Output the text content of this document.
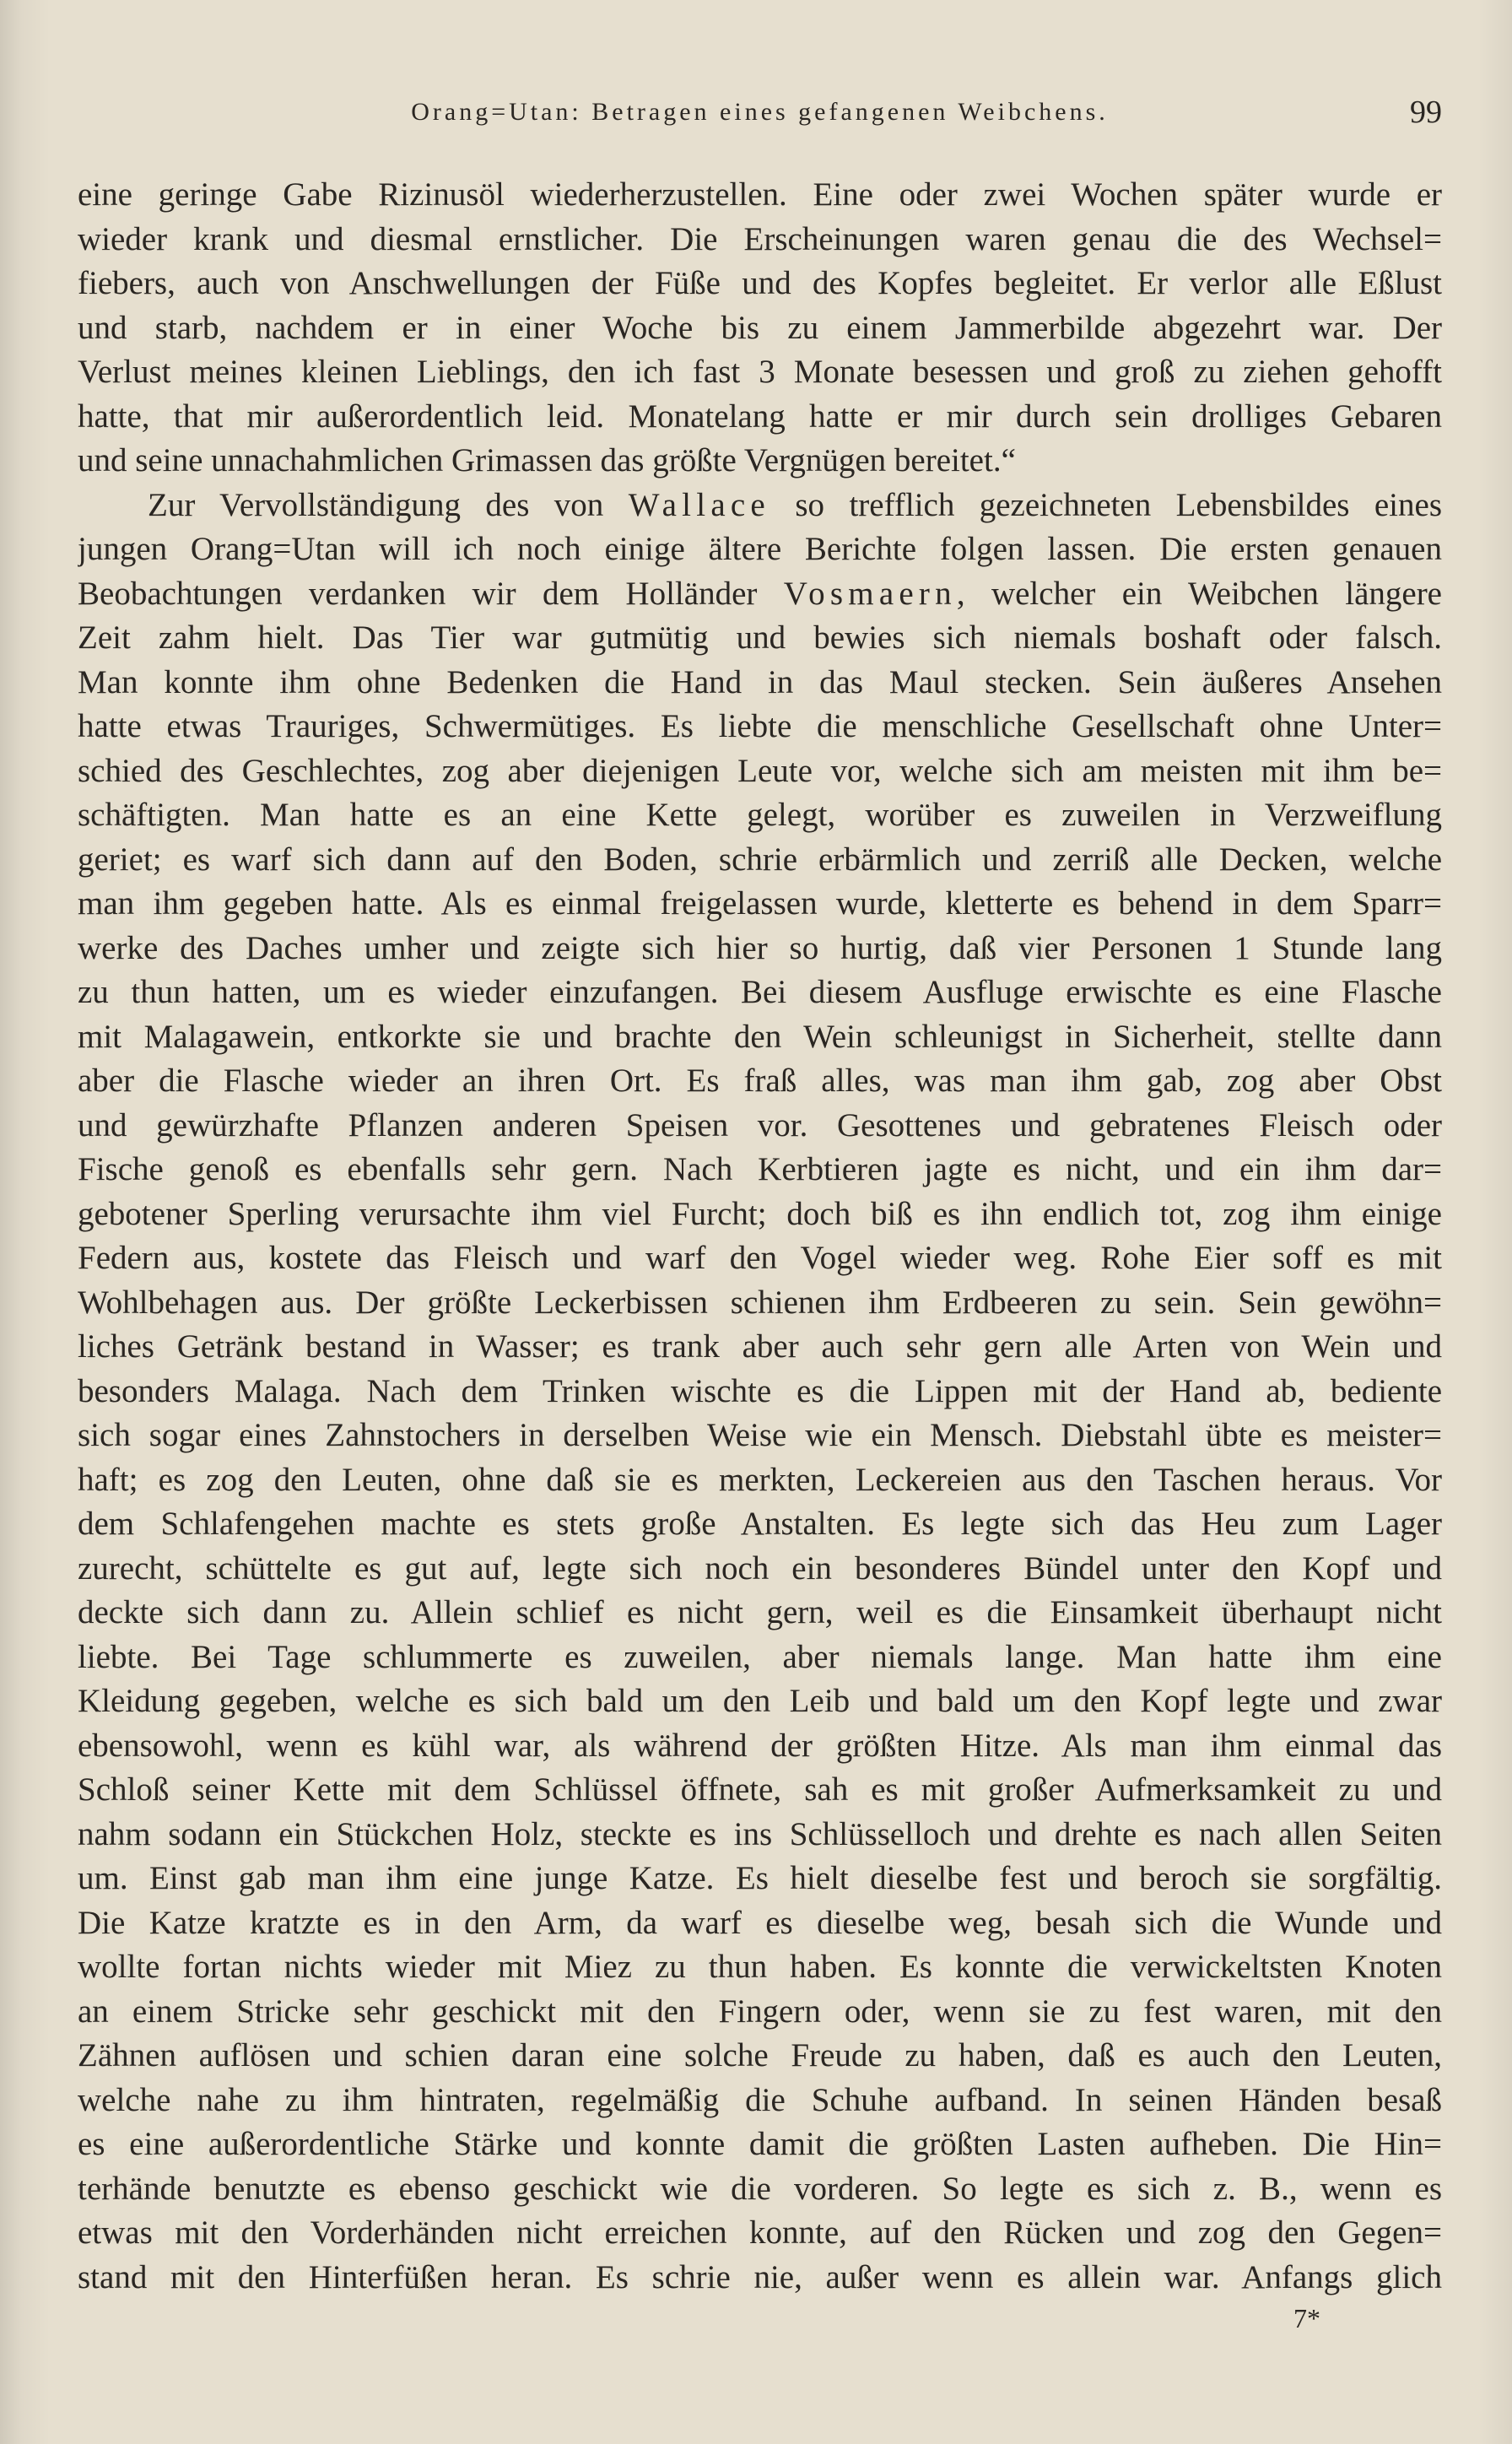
Orang=Utan: Betragen eines gefangenen Weibchens.	99
eine geringe Gabe Rizinusöl wiederherzustellen. Eine oder zwei Wochen später wurde er
wieder krank und diesmal ernstlicher. Die Erscheinungen waren genau die des Wechsel=
fiebers, auch von Anschwellungen der Füße und des Kopfes begleitet. Er verlor alle Eßlust
und starb, nachdem er in einer Woche bis zu einem Jammerbilde abgezehrt war. Der
Verlust meines kleinen Lieblings, den ich fast 3 Monate besessen und groß zu ziehen gehofft
hatte, that mir außerordentlich leid. Monatelang hatte er mir durch sein drolliges Gebaren
und seine unnachahmlichen Grimassen das größte Vergnügen bereitet.“
Zur Vervollständigung des von Wallace so trefflich gezeichneten Lebensbildes eines
jungen Orang=Utan will ich noch einige ältere Berichte folgen lassen. Die ersten genauen
Beobachtungen verdanken wir dem Holländer Vosmaern, welcher ein Weibchen längere
Zeit zahm hielt. Das Tier war gutmütig und bewies sich niemals boshaft oder falsch.
Man konnte ihm ohne Bedenken die Hand in das Maul stecken. Sein äußeres Ansehen
hatte etwas Trauriges, Schwermütiges. Es liebte die menschliche Gesellschaft ohne Unter=
schied des Geschlechtes, zog aber diejenigen Leute vor, welche sich am meisten mit ihm be=
schäftigten. Man hatte es an eine Kette gelegt, worüber es zuweilen in Verzweiflung
geriet; es warf sich dann auf den Boden, schrie erbärmlich und zerriß alle Decken, welche
man ihm gegeben hatte. Als es einmal freigelassen wurde, kletterte es behend in dem Sparr=
werke des Daches umher und zeigte sich hier so hurtig, daß vier Personen 1 Stunde lang
zu thun hatten, um es wieder einzufangen. Bei diesem Ausfluge erwischte es eine Flasche
mit Malagawein, entkorkte sie und brachte den Wein schleunigst in Sicherheit, stellte dann
aber die Flasche wieder an ihren Ort. Es fraß alles, was man ihm gab, zog aber Obst
und gewürzhafte Pflanzen anderen Speisen vor. Gesottenes und gebratenes Fleisch oder
Fische genoß es ebenfalls sehr gern. Nach Kerbtieren jagte es nicht, und ein ihm dar=
gebotener Sperling verursachte ihm viel Furcht; doch biß es ihn endlich tot, zog ihm einige
Federn aus, kostete das Fleisch und warf den Vogel wieder weg. Rohe Eier soff es mit
Wohlbehagen aus. Der größte Leckerbissen schienen ihm Erdbeeren zu sein. Sein gewöhn=
liches Getränk bestand in Wasser; es trank aber auch sehr gern alle Arten von Wein und
besonders Malaga. Nach dem Trinken wischte es die Lippen mit der Hand ab, bediente
sich sogar eines Zahnstochers in derselben Weise wie ein Mensch. Diebstahl übte es meister=
haft; es zog den Leuten, ohne daß sie es merkten, Leckereien aus den Taschen heraus. Vor
dem Schlafengehen machte es stets große Anstalten. Es legte sich das Heu zum Lager
zurecht, schüttelte es gut auf, legte sich noch ein besonderes Bündel unter den Kopf und
deckte sich dann zu. Allein schlief es nicht gern, weil es die Einsamkeit überhaupt nicht
liebte. Bei Tage schlummerte es zuweilen, aber niemals lange. Man hatte ihm eine
Kleidung gegeben, welche es sich bald um den Leib und bald um den Kopf legte und zwar
ebensowohl, wenn es kühl war, als während der größten Hitze. Als man ihm einmal das
Schloß seiner Kette mit dem Schlüssel öffnete, sah es mit großer Aufmerksamkeit zu und
nahm sodann ein Stückchen Holz, steckte es ins Schlüsselloch und drehte es nach allen Seiten
um. Einst gab man ihm eine junge Katze. Es hielt dieselbe fest und beroch sie sorgfältig.
Die Katze kratzte es in den Arm, da warf es dieselbe weg, besah sich die Wunde und
wollte fortan nichts wieder mit Miez zu thun haben. Es konnte die verwickeltsten Knoten
an einem Stricke sehr geschickt mit den Fingern oder, wenn sie zu fest waren, mit den
Zähnen auflösen und schien daran eine solche Freude zu haben, daß es auch den Leuten,
welche nahe zu ihm hintraten, regelmäßig die Schuhe aufband. In seinen Händen besaß
es eine außerordentliche Stärke und konnte damit die größten Lasten aufheben. Die Hin=
terhände benutzte es ebenso geschickt wie die vorderen. So legte es sich z. B., wenn es
etwas mit den Vorderhänden nicht erreichen konnte, auf den Rücken und zog den Gegen=
stand mit den Hinterfüßen heran. Es schrie nie, außer wenn es allein war. Anfangs glich
7*
